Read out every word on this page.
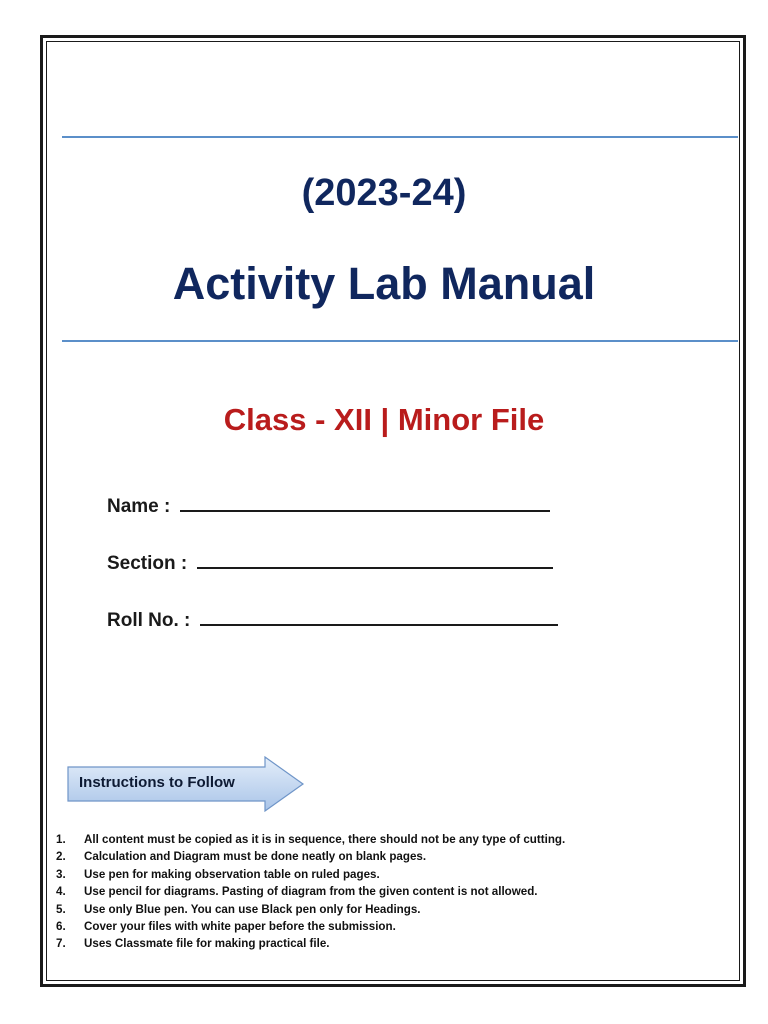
(2023-24)
Activity Lab Manual
Class - XII | Minor File
Name :
Section :
Roll No. :
Instructions to Follow
1. All content must be copied as it is in sequence, there should not be any type of cutting.
2. Calculation and Diagram must be done neatly on blank pages.
3. Use pen for making observation table on ruled pages.
4. Use pencil for diagrams. Pasting of diagram from the given content is not allowed.
5. Use only Blue pen. You can use Black pen only for Headings.
6. Cover your files with white paper before the submission.
7. Uses Classmate file for making practical file.
